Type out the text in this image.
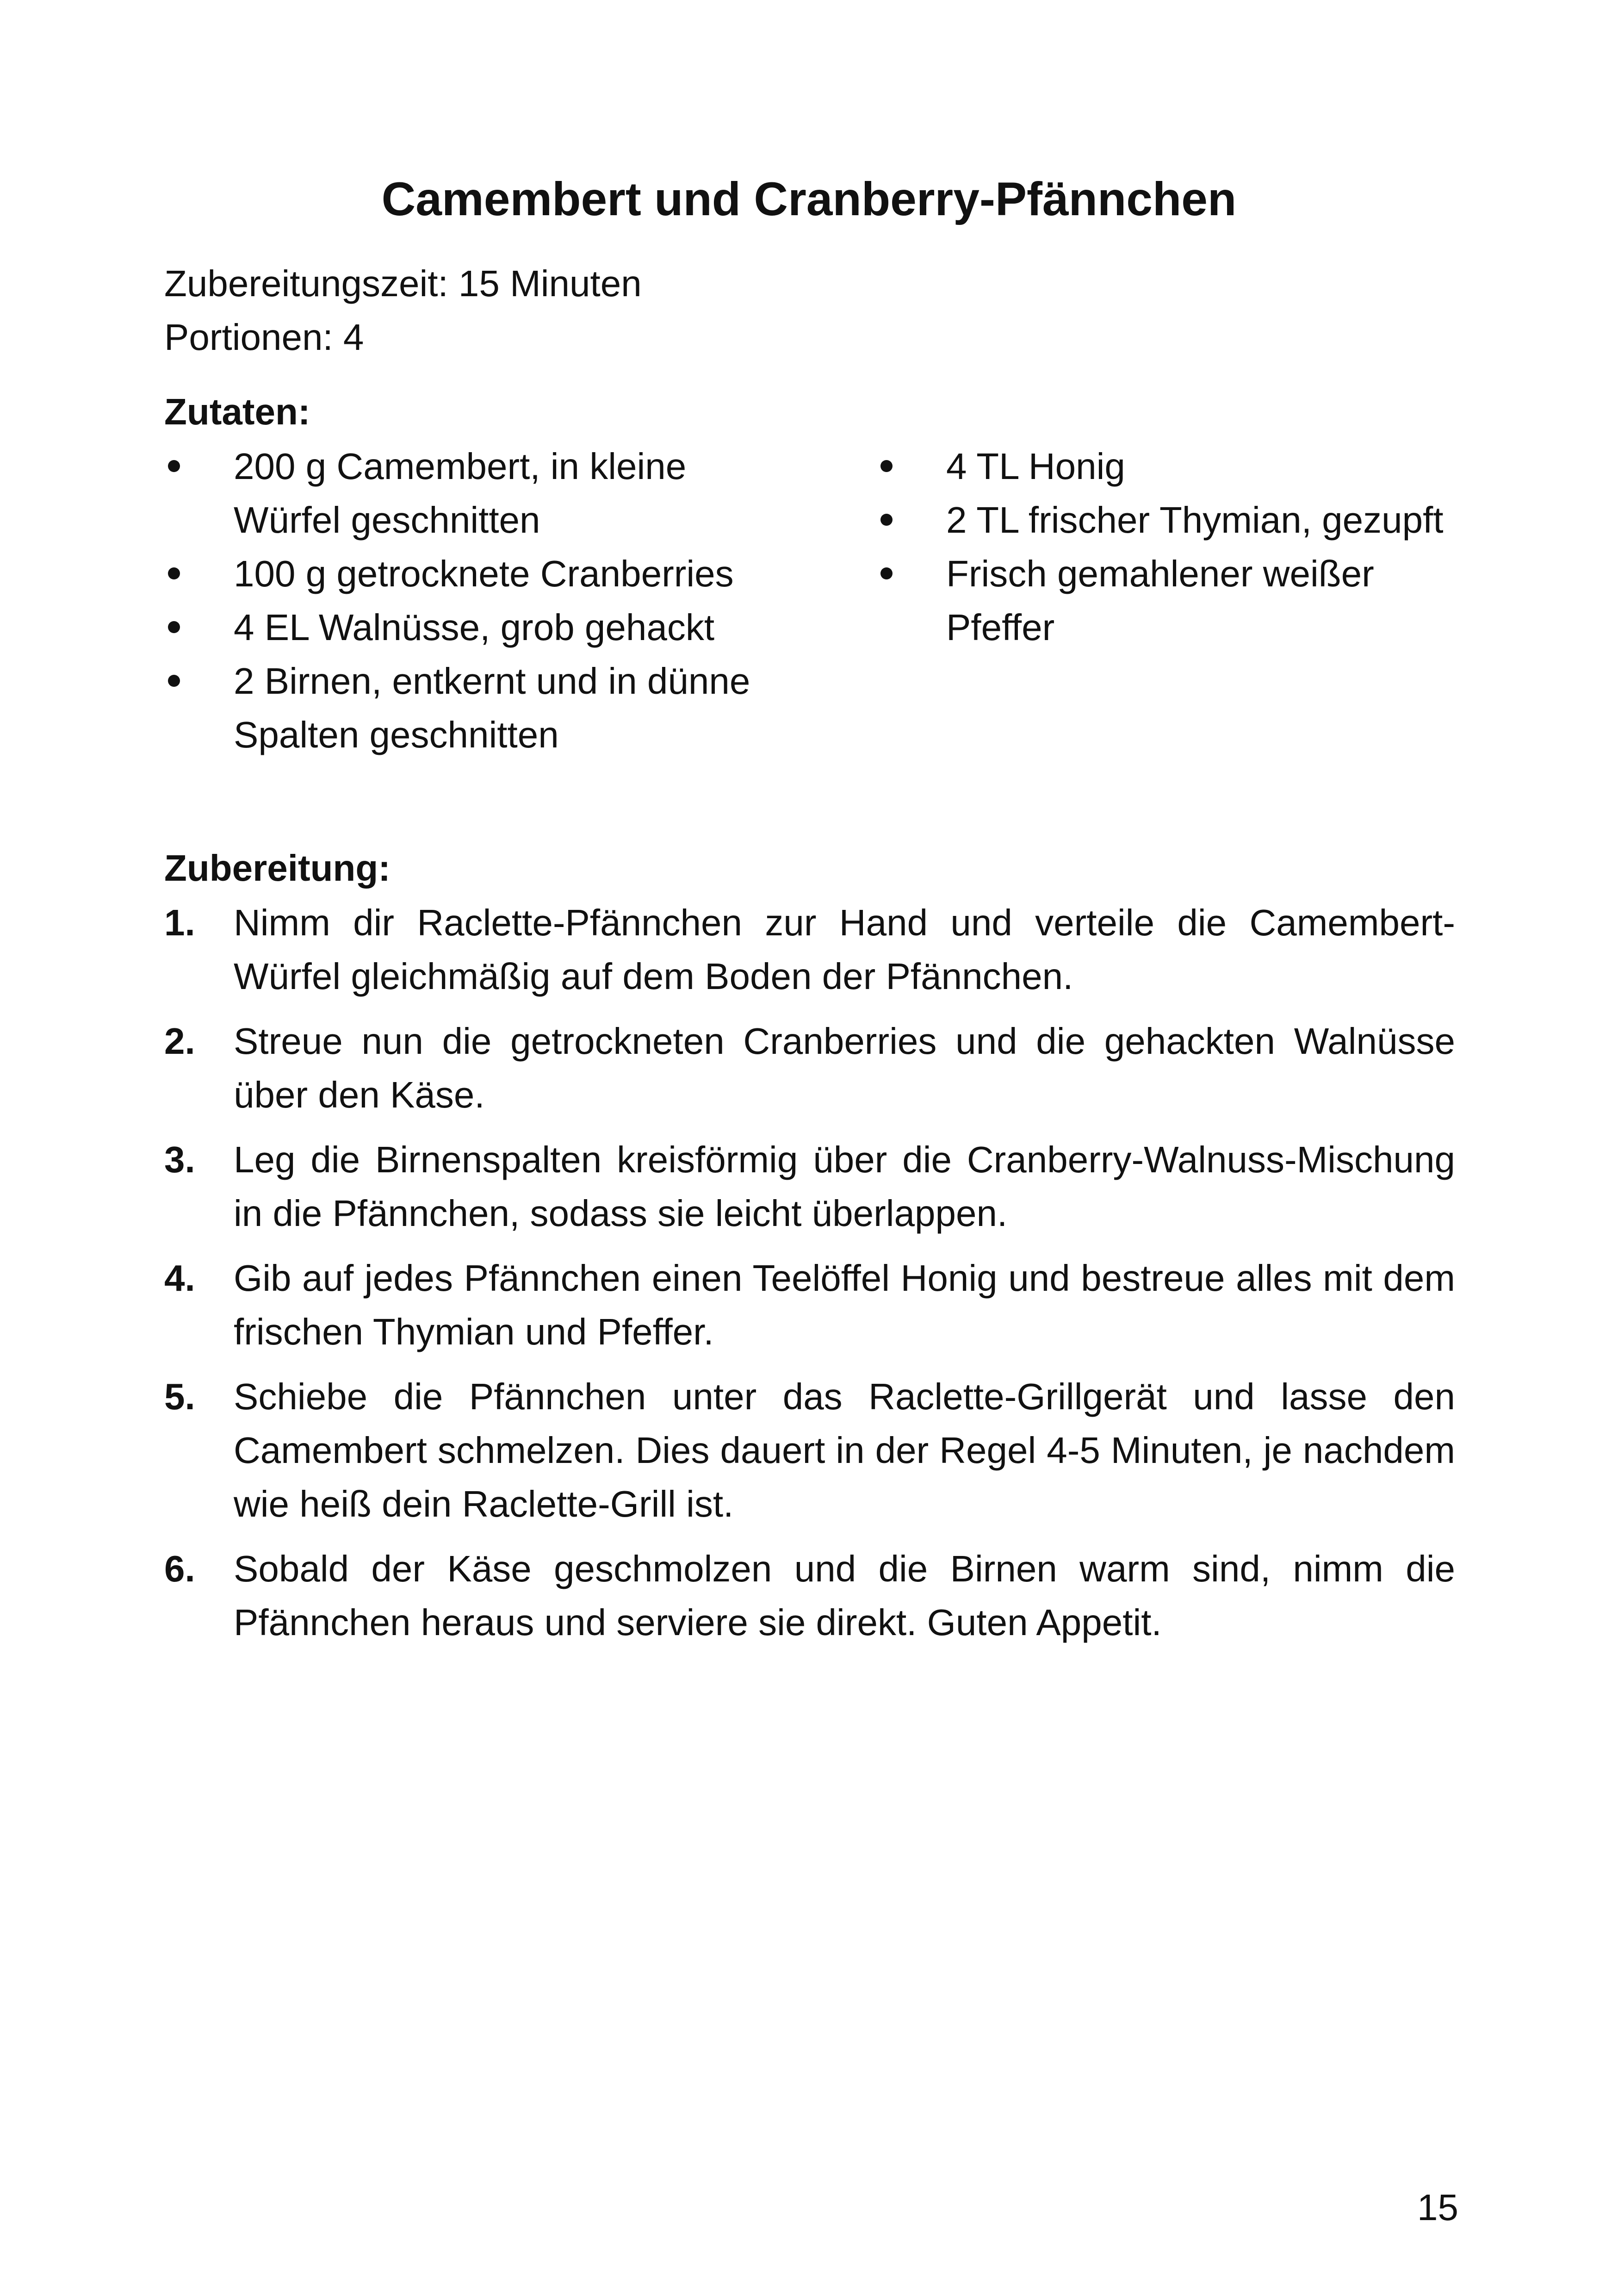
Camembert und Cranberry-Pfännchen
Zubereitungszeit: 15 Minuten
Portionen: 4
Zutaten:
200 g Camembert, in kleine Würfel geschnitten
100 g getrocknete Cranberries
4 EL Walnüsse, grob gehackt
2 Birnen, entkernt und in dünne Spalten geschnitten
4 TL Honig
2 TL frischer Thymian, gezupft
Frisch gemahlener weißer Pfeffer
Zubereitung:
1. Nimm dir Raclette-Pfännchen zur Hand und verteile die Camembert-Würfel gleichmäßig auf dem Boden der Pfännchen.
2. Streue nun die getrockneten Cranberries und die gehackten Walnüsse über den Käse.
3. Leg die Birnenspalten kreisförmig über die Cranberry-Walnuss-Mischung in die Pfännchen, sodass sie leicht überlappen.
4. Gib auf jedes Pfännchen einen Teelöffel Honig und bestreue alles mit dem frischen Thymian und Pfeffer.
5. Schiebe die Pfännchen unter das Raclette-Grillgerät und lasse den Camembert schmelzen. Dies dauert in der Regel 4-5 Minuten, je nachdem wie heiß dein Raclette-Grill ist.
6. Sobald der Käse geschmolzen und die Birnen warm sind, nimm die Pfännchen heraus und serviere sie direkt. Guten Appetit.
15
